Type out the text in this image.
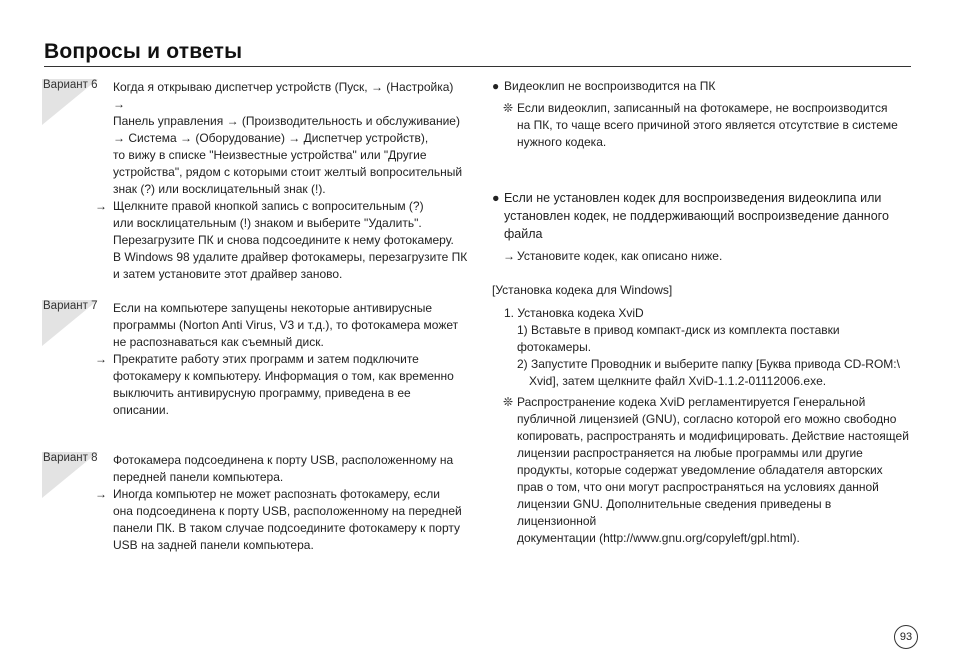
Вопросы и ответы
Вариант 6 Когда я открываю диспетчер устройств (Пуск, → (Настройка) →

Панель управления → (Производительность и обслуживание)

→ Система → (Оборудование) → Диспетчер устройств),

то вижу в списке "Неизвестные устройства" или "Другие

устройства", рядом с которыми стоит желтый вопросительный

знак (?) или восклицательный знак (!).

→ Щелкните правой кнопкой запись с вопросительным (?)

или восклицательным (!) знаком и выберите "Удалить".

Перезагрузите ПК и снова подсоедините к нему фотокамеру.

В Windows 98 удалите драйвер фотокамеры, перезагрузите ПК

и затем установите этот драйвер заново.

Вариант 7 Если на компьютере запущены некоторые антивирусные

программы (Norton Anti Virus, V3 и т.д.), то фотокамера может

не распознаваться как съемный диск.

→ Прекратите работу этих программ и затем подключите

фотокамеру к компьютеру. Информация о том, как временно

выключить антивирусную программу, приведена в ее

описании.

Вариант 8 Фотокамера подсоединена к порту USB, расположенному на

передней панели компьютера.

→ Иногда компьютер не может распознать фотокамеру, если

она подсоединена к порту USB, расположенному на передней

панели ПК. В таком случае подсоедините фотокамеру к порту

USB на задней панели компьютера.

● Видеоклип не воспроизводится на ПК
❊ Если видеоклип, записанный на фотокамере, не воспроизводится
на ПК, то чаще всего причиной этого является отсутствие в системе
нужного кодека.
● Если не установлен кодек для воспроизведения видеоклипа или
установлен кодек, не поддерживающий воспроизведение данного
файла
→ Установите кодек, как описано ниже.
[Установка кодека для Windows]
1. Установка кодека XviD
1) Вставьте в привод компакт-диск из комплекта поставки фотокамеры.
2) Запустите Проводник и выберите папку [Буква привода CD-ROM:\
Xvid], затем щелкните файл XviD-1.1.2-01112006.exe.
❊ Распространение кодека XviD регламентируется Генеральной
публичной лицензией (GNU), согласно которой его можно свободно
копировать, распространять и модифицировать. Действие настоящей
лицензии распространяется на любые программы или другие
продукты, которые содержат уведомление обладателя авторских
прав о том, что они могут распространяться на условиях данной
лицензии GNU. Дополнительные сведения приведены в лицензионной
документации (http://www.gnu.org/copyleft/gpl.html).
93
